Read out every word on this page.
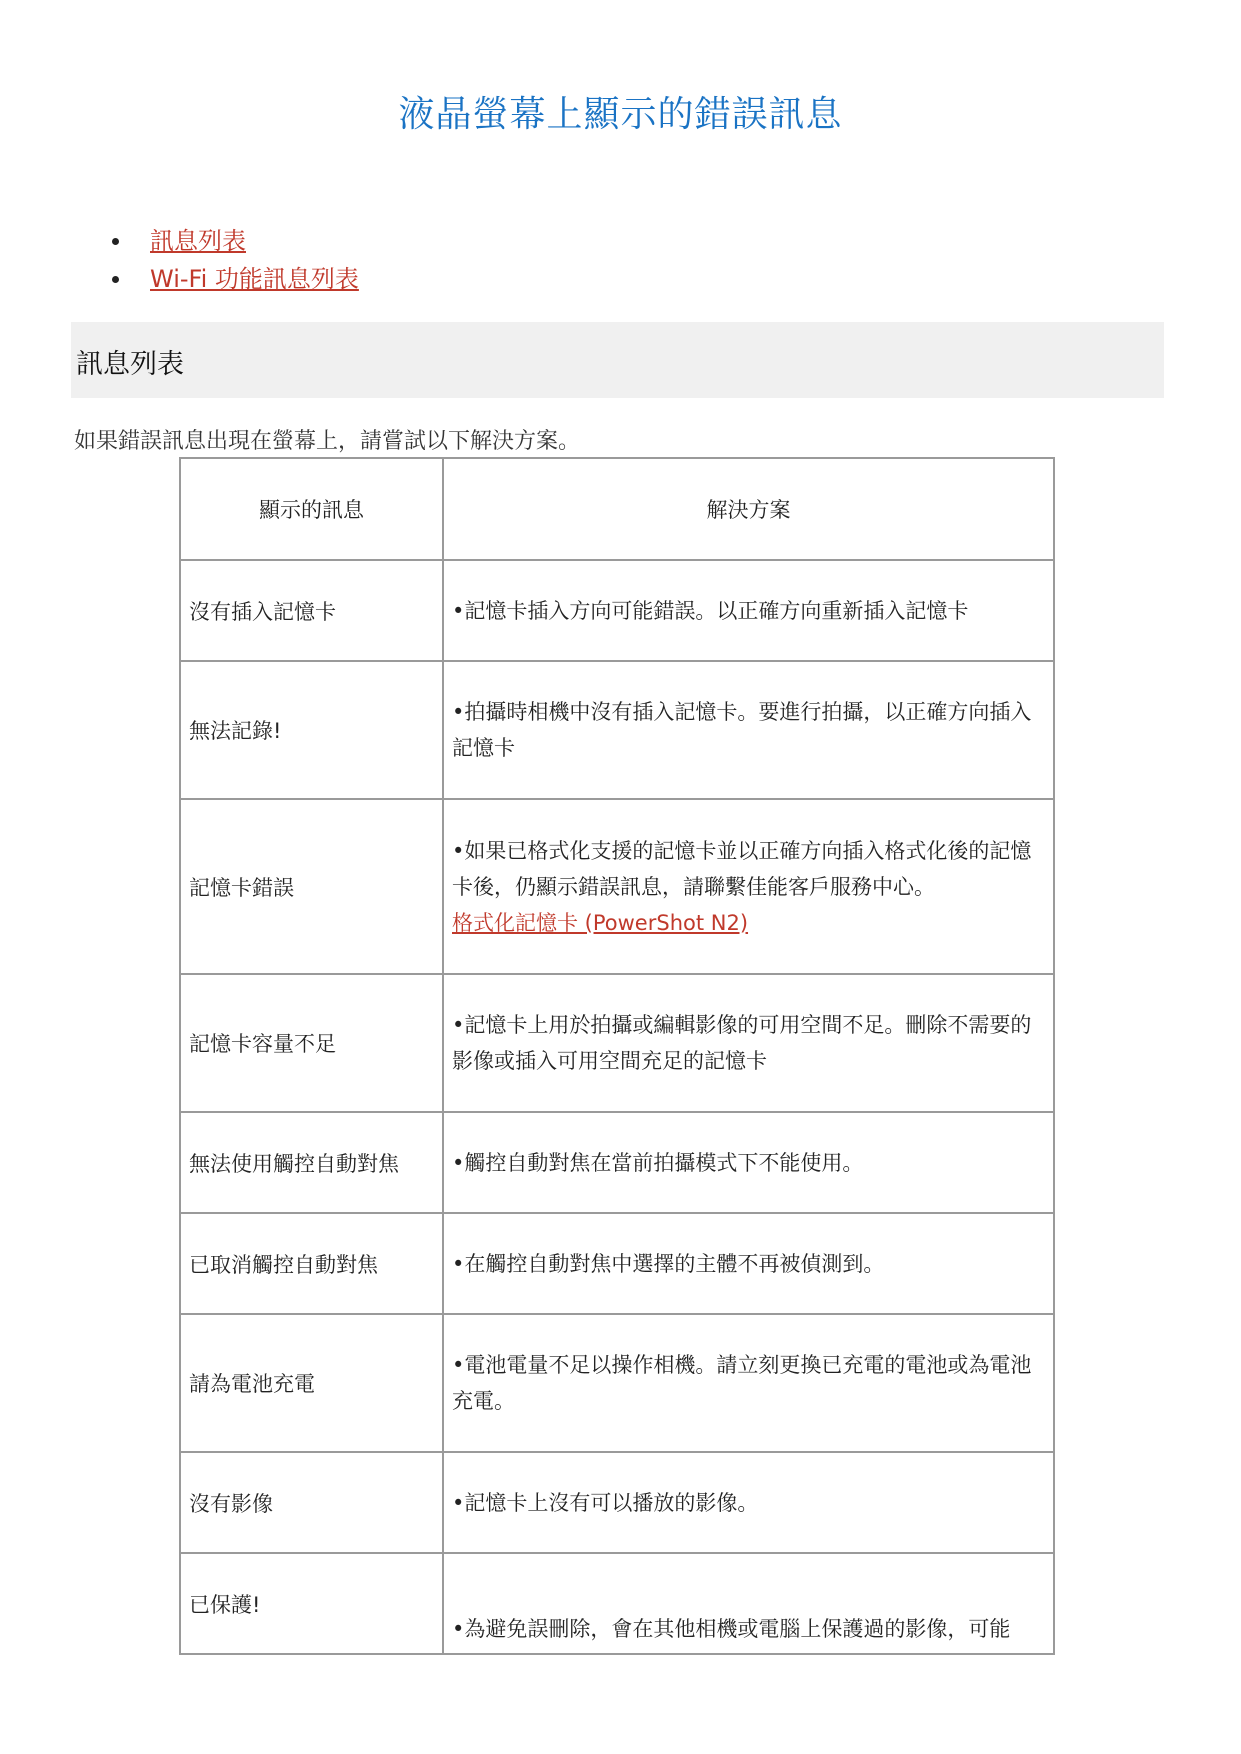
液晶螢幕上顯示的錯誤訊息
訊息列表
Wi-Fi 功能訊息列表
訊息列表

如果錯誤訊息出現在螢幕上，請嘗試以下解決方案。

顯示的訊息	解決方案
沒有插入記憶卡	•記憶卡插入方向可能錯誤。以正確方向重新插入記憶卡
無法記錄!	•拍攝時相機中沒有插入記憶卡。要進行拍攝，以正確方向插入記憶卡
記憶卡錯誤	•如果已格式化支援的記憶卡並以正確方向插入格式化後的記憶卡後，仍顯示錯誤訊息，請聯繫佳能客戶服務中心。
格式化記憶卡 (PowerShot N2)
記憶卡容量不足	•記憶卡上用於拍攝或編輯影像的可用空間不足。刪除不需要的影像或插入可用空間充足的記憶卡
無法使用觸控自動對焦	•觸控自動對焦在當前拍攝模式下不能使用。
已取消觸控自動對焦	•在觸控自動對焦中選擇的主體不再被偵測到。
請為電池充電	•電池電量不足以操作相機。請立刻更換已充電的電池或為電池充電。
沒有影像	•記憶卡上沒有可以播放的影像。
已保護!	•為避免誤刪除，會在其他相機或電腦上保護過的影像，可能
